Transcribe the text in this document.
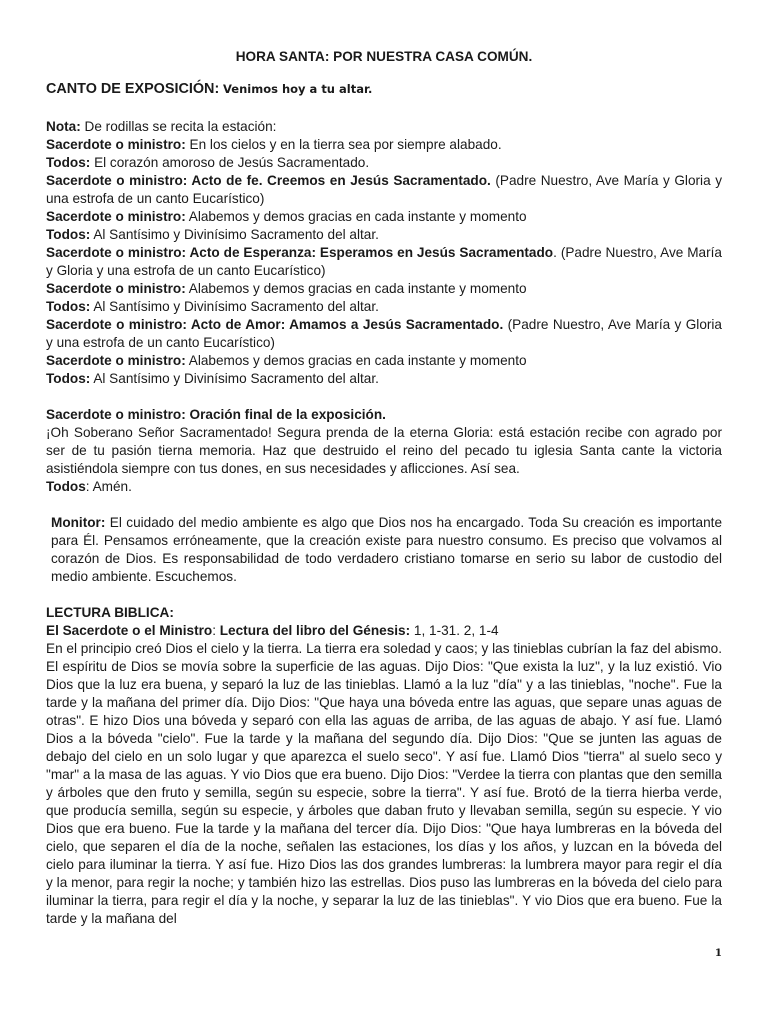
HORA SANTA: POR NUESTRA CASA COMÚN.

CANTO DE EXPOSICIÓN: Venimos hoy a tu altar.

Nota: De rodillas se recita la estación:

Sacerdote o ministro: En los cielos y en la tierra sea por siempre alabado.

Todos: El corazón amoroso de Jesús Sacramentado.

Sacerdote o ministro: Acto de fe. Creemos en Jesús Sacramentado. (Padre Nuestro, Ave María y Gloria y una estrofa de un canto Eucarístico)

Sacerdote o ministro: Alabemos y demos gracias en cada instante y momento

Todos: Al Santísimo y Divinísimo Sacramento del altar.

Sacerdote o ministro: Acto de Esperanza: Esperamos en Jesús Sacramentado. (Padre Nuestro, Ave María y Gloria y una estrofa de un canto Eucarístico)

Sacerdote o ministro: Alabemos y demos gracias en cada instante y momento

Todos: Al Santísimo y Divinísimo Sacramento del altar.

Sacerdote o ministro: Acto de Amor: Amamos a Jesús Sacramentado. (Padre Nuestro, Ave María y Gloria y una estrofa de un canto Eucarístico)

Sacerdote o ministro: Alabemos y demos gracias en cada instante y momento

Todos: Al Santísimo y Divinísimo Sacramento del altar.

Sacerdote o ministro: Oración final de la exposición.

¡Oh Soberano Señor Sacramentado! Segura prenda de la eterna Gloria: está estación recibe con agrado por ser de tu pasión tierna memoria. Haz que destruido el reino del pecado tu iglesia Santa cante la victoria asistiéndola siempre con tus dones, en sus necesidades y aflicciones. Así sea.

Todos: Amén.

Monitor: El cuidado del medio ambiente es algo que Dios nos ha encargado. Toda Su creación es importante para Él. Pensamos erróneamente, que la creación existe para nuestro consumo. Es preciso que volvamos al corazón de Dios. Es responsabilidad de todo verdadero cristiano tomarse en serio su labor de custodio del medio ambiente. Escuchemos.

LECTURA BIBLICA:

El Sacerdote o el Ministro: Lectura del libro del Génesis: 1, 1-31. 2, 1-4

En el principio creó Dios el cielo y la tierra. La tierra era soledad y caos; y las tinieblas cubrían la faz del abismo. El espíritu de Dios se movía sobre la superficie de las aguas. Dijo Dios: "Que exista la luz", y la luz existió. Vio Dios que la luz era buena, y separó la luz de las tinieblas. Llamó a la luz "día" y a las tinieblas, "noche". Fue la tarde y la mañana del primer día. Dijo Dios: "Que haya una bóveda entre las aguas, que separe unas aguas de otras". E hizo Dios una bóveda y separó con ella las aguas de arriba, de las aguas de abajo. Y así fue. Llamó Dios a la bóveda "cielo". Fue la tarde y la mañana del segundo día. Dijo Dios: "Que se junten las aguas de debajo del cielo en un solo lugar y que aparezca el suelo seco". Y así fue. Llamó Dios "tierra" al suelo seco y "mar" a la masa de las aguas. Y vio Dios que era bueno. Dijo Dios: "Verdee la tierra con plantas que den semilla y árboles que den fruto y semilla, según su especie, sobre la tierra". Y así fue. Brotó de la tierra hierba verde, que producía semilla, según su especie, y árboles que daban fruto y llevaban semilla, según su especie. Y vio Dios que era bueno. Fue la tarde y la mañana del tercer día. Dijo Dios: "Que haya lumbreras en la bóveda del cielo, que separen el día de la noche, señalen las estaciones, los días y los años, y luzcan en la bóveda del cielo para iluminar la tierra. Y así fue. Hizo Dios las dos grandes lumbreras: la lumbrera mayor para regir el día y la menor, para regir la noche; y también hizo las estrellas. Dios puso las lumbreras en la bóveda del cielo para iluminar la tierra, para regir el día y la noche, y separar la luz de las tinieblas". Y vio Dios que era bueno. Fue la tarde y la mañana del

1
